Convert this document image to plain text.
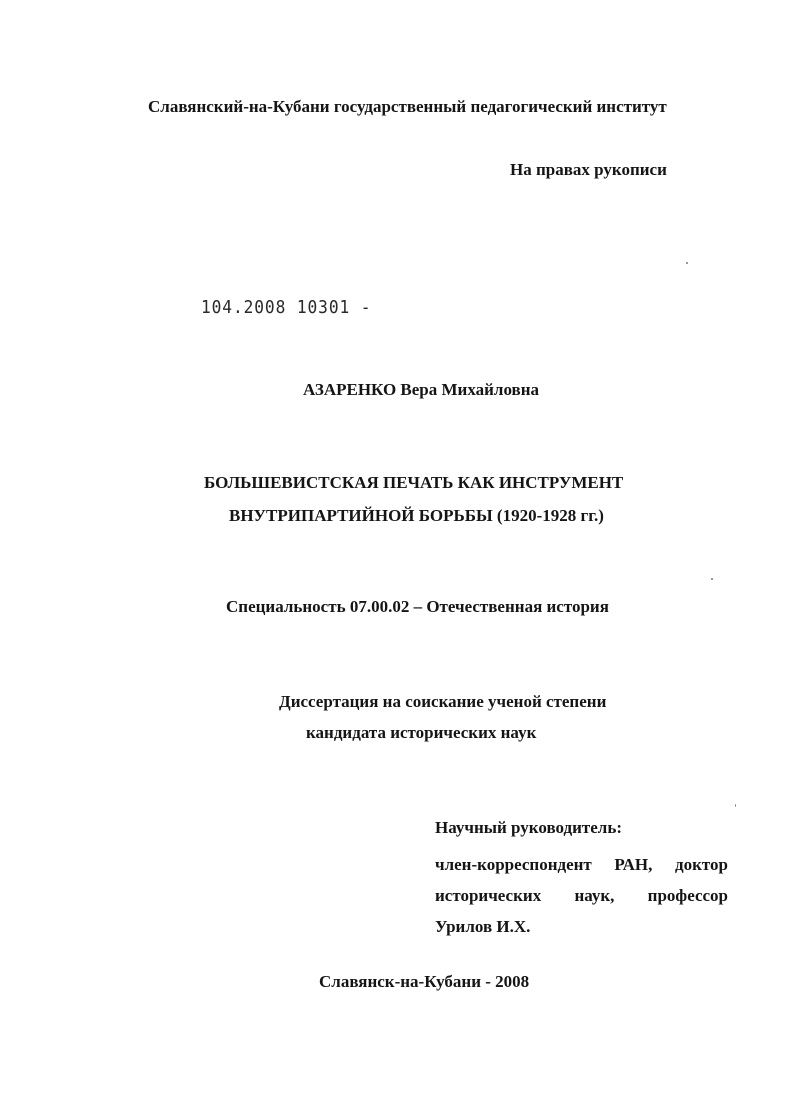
Славянский-на-Кубани государственный педагогический институт
На правах рукописи
104.2008 10301 -
АЗАРЕНКО Вера Михайловна
БОЛЬШЕВИСТСКАЯ ПЕЧАТЬ КАК ИНСТРУМЕНТ
ВНУТРИПАРТИЙНОЙ БОРЬБЫ (1920-1928 гг.)
Специальность 07.00.02 – Отечественная история
Диссертация на соискание ученой степени
кандидата исторических наук
Научный руководитель:

член-корреспондент РАН, доктор

исторических наук, профессор

Урилов И.Х.

Славянск-на-Кубани - 2008
